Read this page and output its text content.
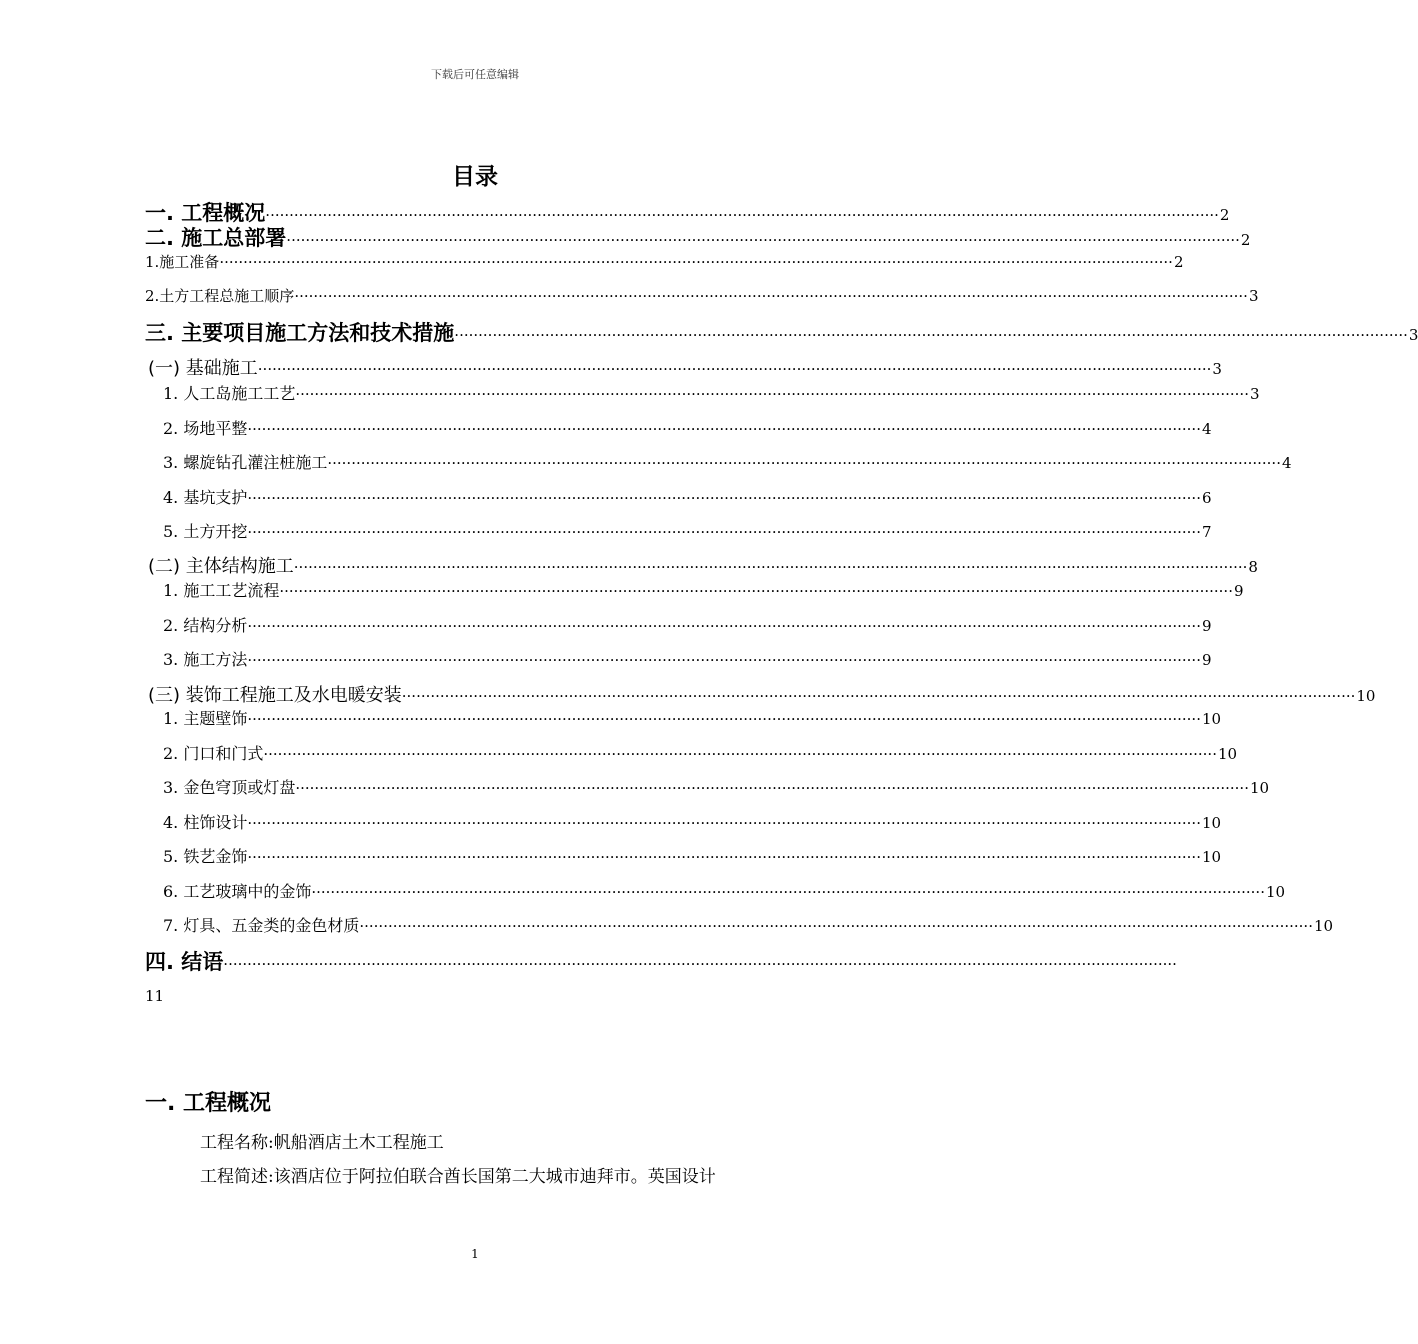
下载后可任意编辑
目录
一. 工程概况 ········································································································································································································ 2
二. 施工总部署 ········································································································································································································ 2
1.施工准备 ········································································································································································································ 2
2.土方工程总施工顺序 ········································································································································································································ 3
三. 主要项目施工方法和技术措施 ········································································································································································································ 3
(一) 基础施工 ········································································································································································································ 3
1. 人工岛施工工艺 ········································································································································································································ 3
2. 场地平整 ········································································································································································································ 4
3. 螺旋钻孔灌注桩施工 ········································································································································································································ 4
4. 基坑支护 ········································································································································································································ 6
5. 土方开挖 ········································································································································································································ 7
(二) 主体结构施工 ········································································································································································································ 8
1. 施工工艺流程 ········································································································································································································ 9
2. 结构分析 ········································································································································································································ 9
3. 施工方法 ········································································································································································································ 9
(三) 装饰工程施工及水电暖安装 ········································································································································································································ 10
1. 主题壁饰 ········································································································································································································ 10
2. 门口和门式 ········································································································································································································ 10
3. 金色穹顶或灯盘 ········································································································································································································ 10
4. 柱饰设计 ········································································································································································································ 10
5. 铁艺金饰 ········································································································································································································ 10
6. 工艺玻璃中的金饰 ········································································································································································································ 10
7. 灯具、五金类的金色材质 ········································································································································································································ 10
四. 结语 ········································································································································································································
11
一. 工程概况
工程名称:帆船酒店土木工程施工
工程简述:该酒店位于阿拉伯联合酋长国第二大城市迪拜市。英国设计
1
